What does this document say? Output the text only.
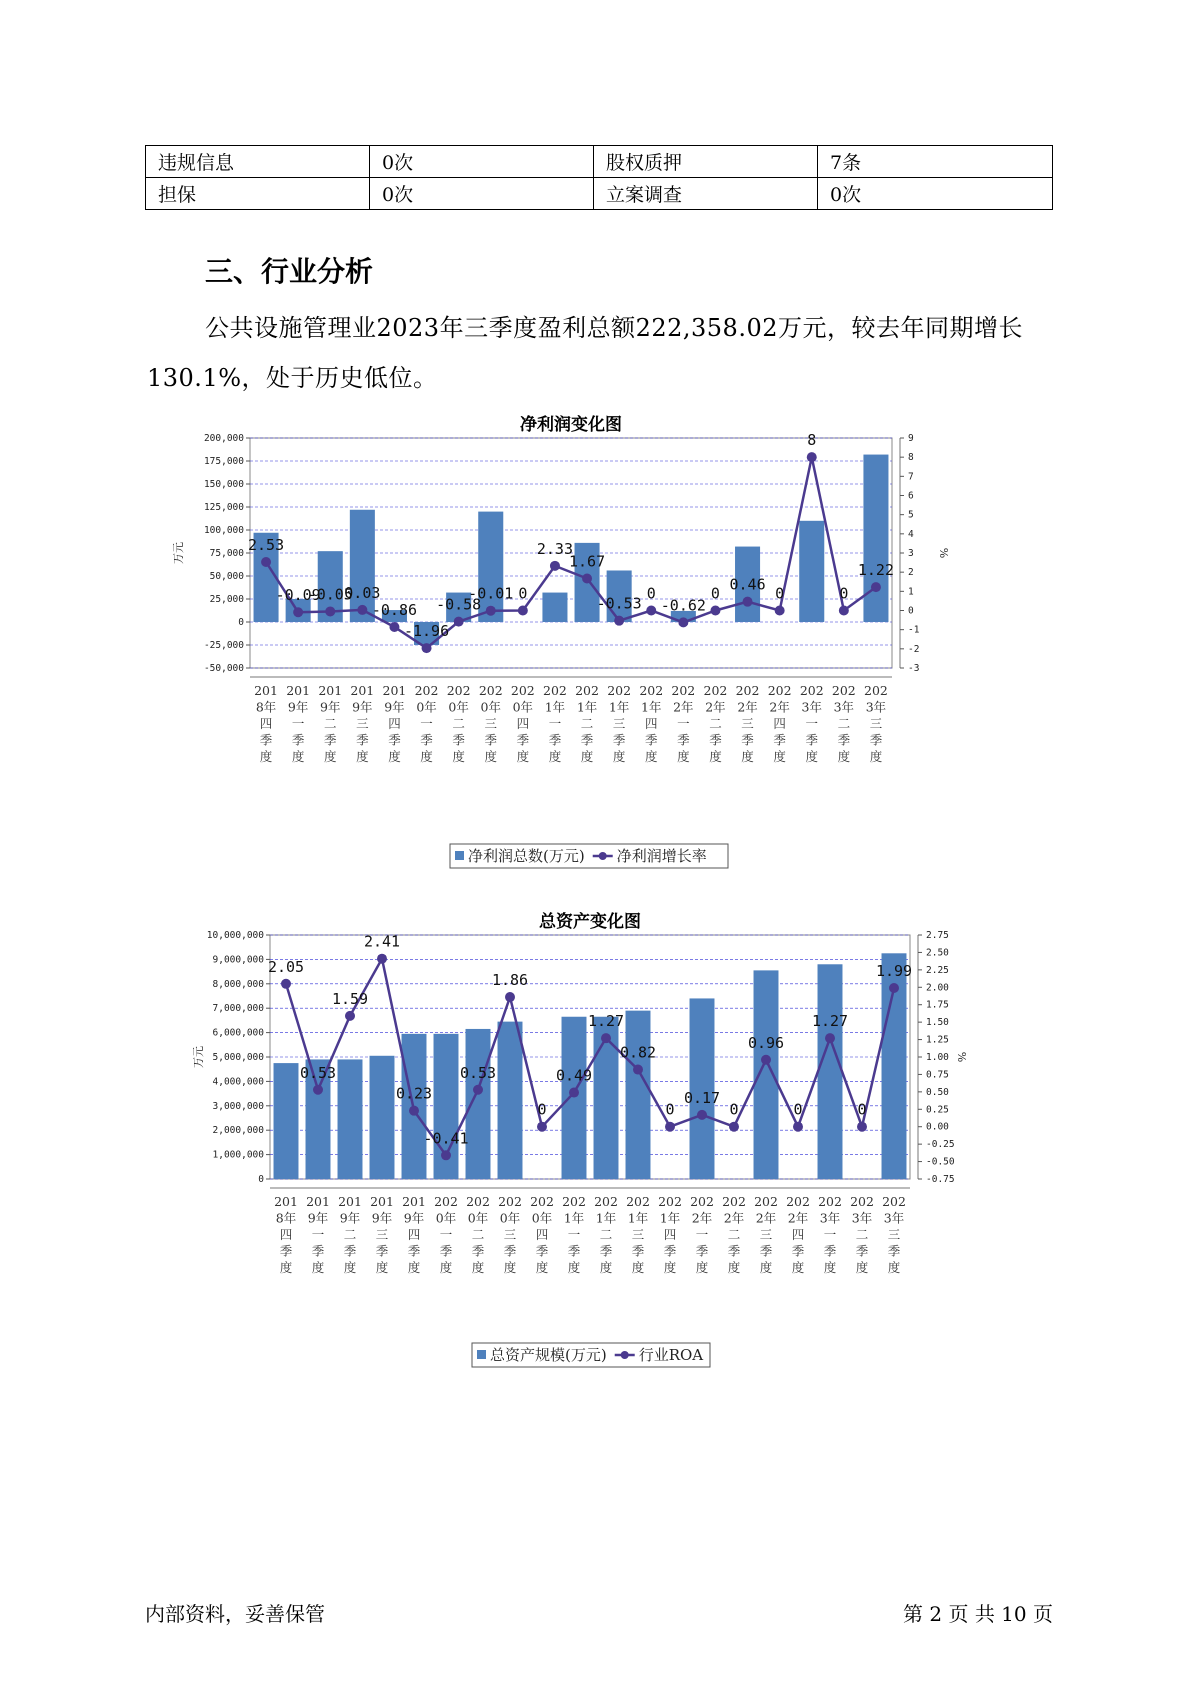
违规信息	0次	股权质押	7条
担保	0次	立案调查	0次
三、行业分析
公共设施管理业2023年三季度盈利总额222,358.02万元，较去年同期增长130.1%，处于历史低位。
净利润变化图
200,000
175,000
150,000
125,000
100,000
75,000
50,000
25,000
0
-25,000
-50,000
9
8
7
6
5
4
3
2
1
0
-1
-2
-3
万元	%
2.53
-0.09
-0.05
0.03
-0.86
-1.96
-0.58
-0.01 0
2.33
1.67
-0.53
0
-0.62
0 0.46 0
8
0
1.22
201
8年
四
季
度
201
9年
一
季
度
201
9年
二
季
度
201
9年
三
季
度
201
9年
四
季
度
202
0年
一
季
度
202
0年
二
季
度
202
0年
三
季
度
202
0年
四
季
度
202
1年
一
季
度
202
1年
二
季
度
202
1年
三
季
度
202
1年
四
季
度
202
2年
一
季
度
202
2年
二
季
度
202
2年
三
季
度
202
2年
四
季
度
202
3年
一
季
度
202
3年
二
季
度
202
3年
三
季
度
净利润总数(万元) 净利润增长率
总资产变化图
10,000,000
9,000,000
8,000,000
7,000,000
6,000,000
5,000,000
4,000,000
3,000,000
2,000,000
1,000,000
0
2.75
2.50
2.25
2.00
1.75
1.50
1.25
1.00
0.75
0.50
0.25
0.00
-0.25
-0.50
-0.75
万元	%
2.05
0.53
1.59
2.41
0.23
-0.41
0.53
1.86
0
0.49
1.27
0.82
0
0.17
0
0.96
0
1.27
0
1.99
201
8年
四
季
度
201
9年
一
季
度
201
9年
二
季
度
201
9年
三
季
度
201
9年
四
季
度
202
0年
一
季
度
202
0年
二
季
度
202
0年
三
季
度
202
0年
四
季
度
202
1年
一
季
度
202
1年
二
季
度
202
1年
三
季
度
202
1年
四
季
度
202
2年
一
季
度
202
2年
二
季
度
202
2年
三
季
度
202
2年
四
季
度
202
3年
一
季
度
202
3年
二
季
度
202
3年
三
季
度
总资产规模(万元) 行业ROA
内部资料，妥善保管	第 2 页 共 10 页
